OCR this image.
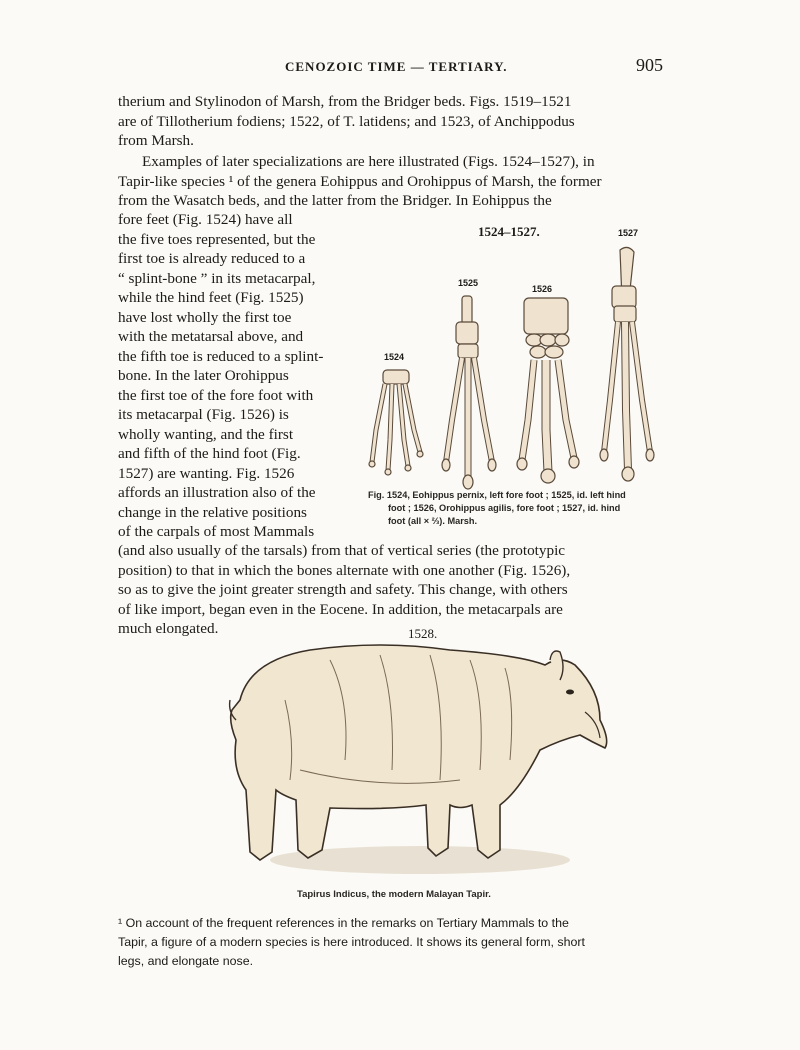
CENOZOIC TIME — TERTIARY.	905
therium and Stylinodon of Marsh, from the Bridger beds. Figs. 1519–1521
are of Tillotherium fodiens; 1522, of T. latidens; and 1523, of Anchippodus
from Marsh.
Examples of later specializations are here illustrated (Figs. 1524–1527), in
Tapir-like species ¹ of the genera Eohippus and Orohippus of Marsh, the former
from the Wasatch beds, and the latter from the Bridger. In Eohippus the
fore feet (Fig. 1524) have all
the five toes represented, but the
first toe is already reduced to a
“ splint-bone ” in its metacarpal,
while the hind feet (Fig. 1525)
have lost wholly the first toe
with the metatarsal above, and
the fifth toe is reduced to a splint-
bone. In the later Orohippus
the first toe of the fore foot with
its metacarpal (Fig. 1526) is
wholly wanting, and the first
and fifth of the hind foot (Fig.
1527) are wanting. Fig. 1526
affords an illustration also of the
change in the relative positions
of the carpals of most Mammals
(and also usually of the tarsals) from that of vertical series (the prototypic
position) to that in which the bones alternate with one another (Fig. 1526),
so as to give the joint greater strength and safety. This change, with others
of like import, began even in the Eocene. In addition, the metacarpals are
much elongated.
1524–1527.	1527
1525
1526
1524
Fig. 1524, Eohippus pernix, left fore foot ; 1525, id. left hind
foot ; 1526, Orohippus agilis, fore foot ; 1527, id. hind
foot (all × ⅔). Marsh.
1528.
Tapirus Indicus, the modern Malayan Tapir.
¹ On account of the frequent references in the remarks on Tertiary Mammals to the
Tapir, a figure of a modern species is here introduced. It shows its general form, short
legs, and elongate nose.
